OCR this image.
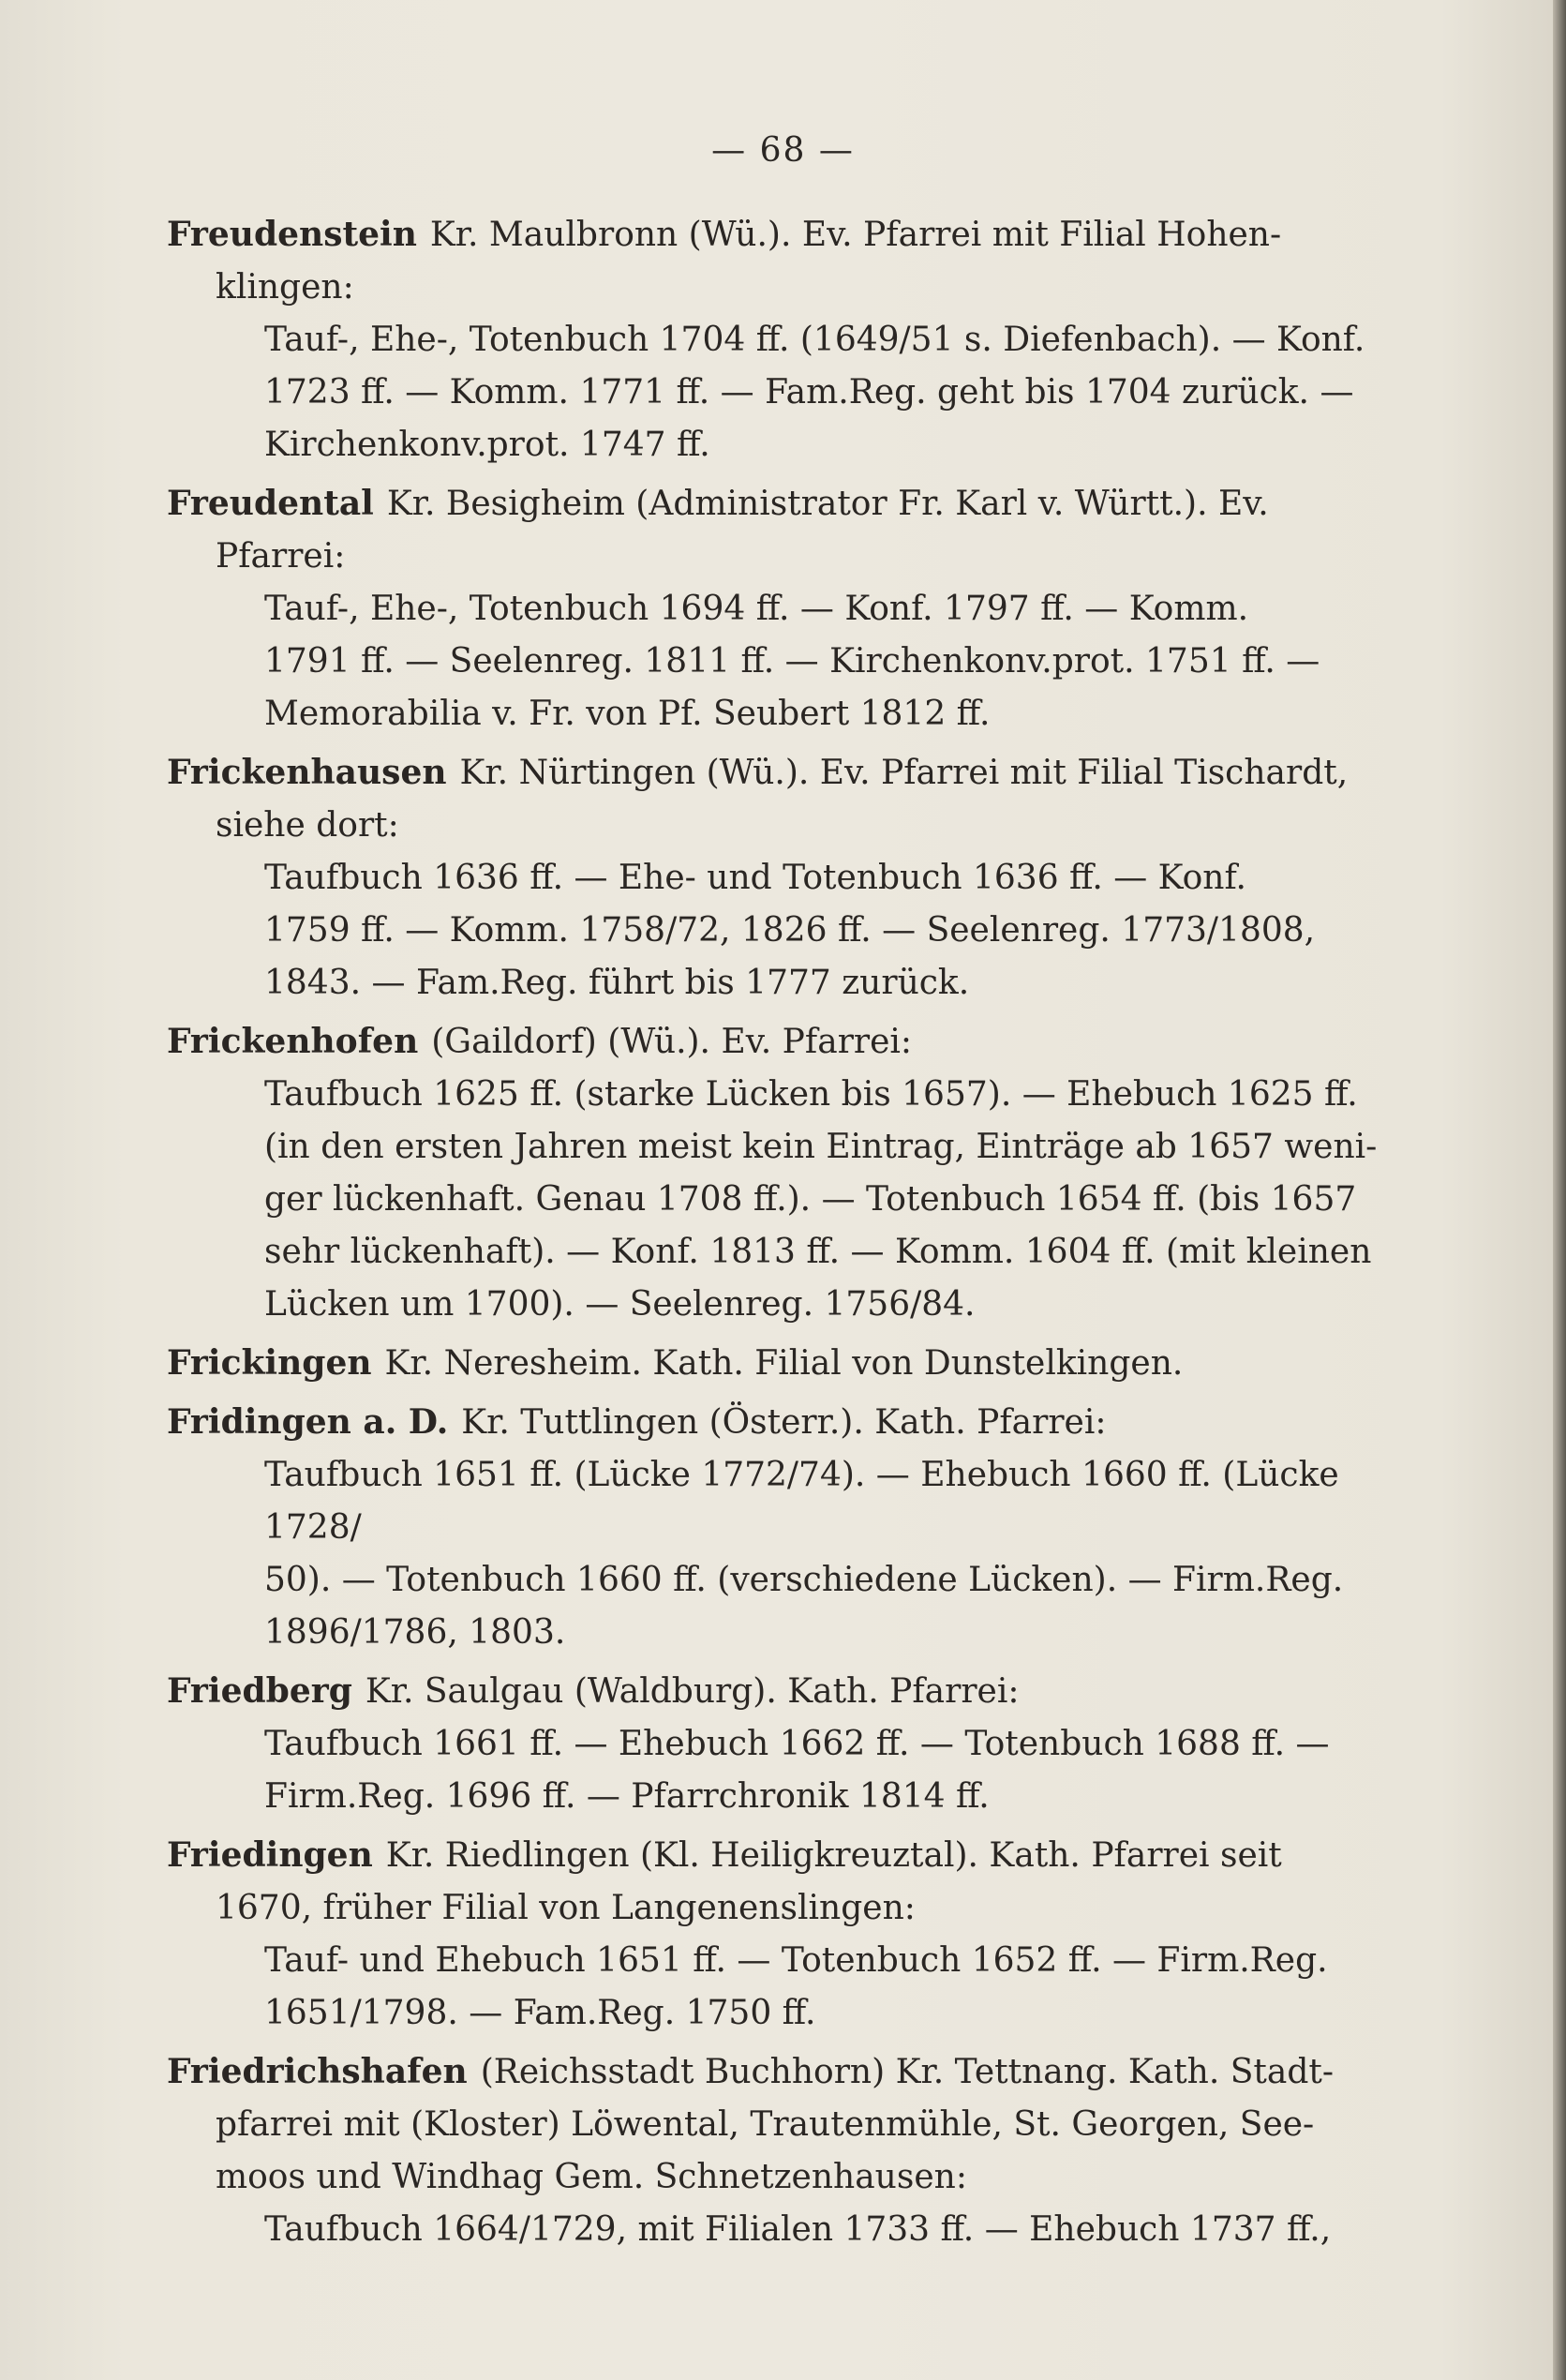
— 68 —
Freudenstein Kr. Maulbronn (Wü.). Ev. Pfarrei mit Filial Hohen-
klingen:
Tauf-, Ehe-, Totenbuch 1704 ff. (1649/51 s. Diefenbach). — Konf.
1723 ff. — Komm. 1771 ff. — Fam.Reg. geht bis 1704 zurück. —
Kirchenkonv.prot. 1747 ff.
Freudental Kr. Besigheim (Administrator Fr. Karl v. Württ.). Ev.
Pfarrei:
Tauf-, Ehe-, Totenbuch 1694 ff. — Konf. 1797 ff. — Komm.
1791 ff. — Seelenreg. 1811 ff. — Kirchenkonv.prot. 1751 ff. —
Memorabilia v. Fr. von Pf. Seubert 1812 ff.
Frickenhausen Kr. Nürtingen (Wü.). Ev. Pfarrei mit Filial Tischardt,
siehe dort:
Taufbuch 1636 ff. — Ehe- und Totenbuch 1636 ff. — Konf.
1759 ff. — Komm. 1758/72, 1826 ff. — Seelenreg. 1773/1808,
1843. — Fam.Reg. führt bis 1777 zurück.
Frickenhofen (Gaildorf) (Wü.). Ev. Pfarrei:
Taufbuch 1625 ff. (starke Lücken bis 1657). — Ehebuch 1625 ff.
(in den ersten Jahren meist kein Eintrag, Einträge ab 1657 weni-
ger lückenhaft. Genau 1708 ff.). — Totenbuch 1654 ff. (bis 1657
sehr lückenhaft). — Konf. 1813 ff. — Komm. 1604 ff. (mit kleinen
Lücken um 1700). — Seelenreg. 1756/84.
Frickingen Kr. Neresheim. Kath. Filial von Dunstelkingen.
Fridingen a. D. Kr. Tuttlingen (Österr.). Kath. Pfarrei:
Taufbuch 1651 ff. (Lücke 1772/74). — Ehebuch 1660 ff. (Lücke 1728/
50). — Totenbuch 1660 ff. (verschiedene Lücken). — Firm.Reg.
1896/1786, 1803.
Friedberg Kr. Saulgau (Waldburg). Kath. Pfarrei:
Taufbuch 1661 ff. — Ehebuch 1662 ff. — Totenbuch 1688 ff. —
Firm.Reg. 1696 ff. — Pfarrchronik 1814 ff.
Friedingen Kr. Riedlingen (Kl. Heiligkreuztal). Kath. Pfarrei seit
1670, früher Filial von Langenenslingen:
Tauf- und Ehebuch 1651 ff. — Totenbuch 1652 ff. — Firm.Reg.
1651/1798. — Fam.Reg. 1750 ff.
Friedrichshafen (Reichsstadt Buchhorn) Kr. Tettnang. Kath. Stadt-
pfarrei mit (Kloster) Löwental, Trautenmühle, St. Georgen, See-
moos und Windhag Gem. Schnetzenhausen:
Taufbuch 1664/1729, mit Filialen 1733 ff. — Ehebuch 1737 ff.,
